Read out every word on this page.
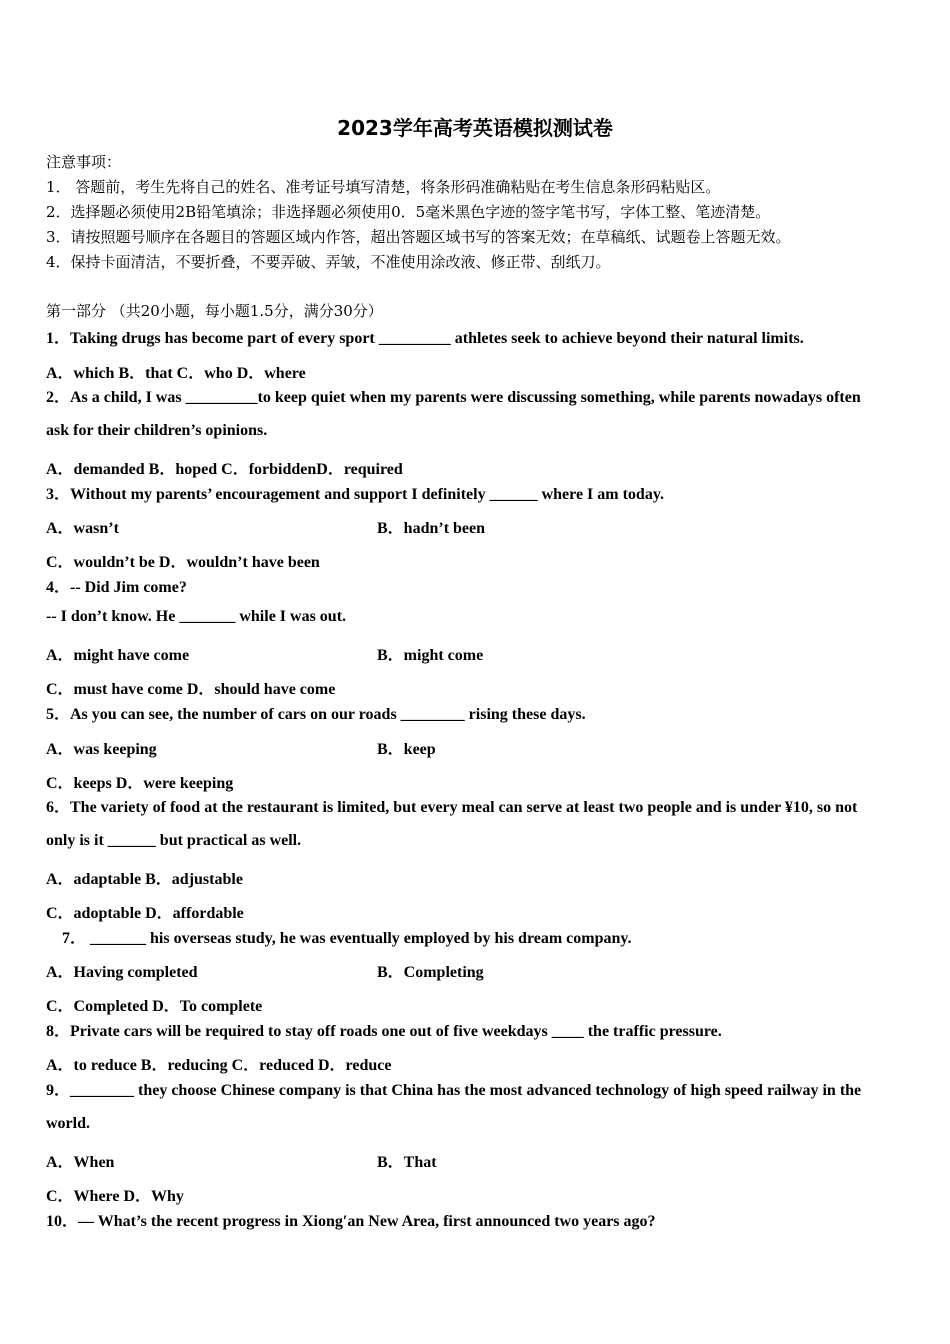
2023学年高考英语模拟测试卷
注意事项：
1． 答题前，考生先将自己的姓名、准考证号填写清楚，将条形码准确粘贴在考生信息条形码粘贴区。
2．选择题必须使用2B铅笔填涂；非选择题必须使用0．5毫米黑色字迹的签字笔书写，字体工整、笔迹清楚。
3．请按照题号顺序在各题目的答题区域内作答，超出答题区域书写的答案无效；在草稿纸、试题卷上答题无效。
4．保持卡面清洁，不要折叠，不要弄破、弄皱，不准使用涂改液、修正带、刮纸刀。
第一部分 （共20小题，每小题1.5分，满分30分）
1．Taking drugs has become part of every sport _________ athletes seek to achieve beyond their natural limits.
A．which B．that C．who D．where
2．As a child, I was _________to keep quiet when my parents were discussing something, while parents nowadays often
ask for their children’s opinions.
A．demanded B．hoped C．forbiddenD．required
3．Without my parents’ encouragement and support I definitely ______ where I am today.
A．wasn’t	B．hadn’t been
C．wouldn’t be D．wouldn’t have been
4．-- Did Jim come?
-- I don’t know. He _______ while I was out.
A．might have come	B．might come
C．must have come D．should have come
5．As you can see, the number of cars on our roads ________ rising these days.
A．was keeping	B．keep
C．keeps D．were keeping
6．The variety of food at the restaurant is limited, but every meal can serve at least two people and is under ¥10, so not
only is it ______ but practical as well.
A．adaptable B．adjustable
C．adoptable D．affordable
7． _______ his overseas study, he was eventually employed by his dream company.
A．Having completed	B．Completing
C．Completed D．To complete
8．Private cars will be required to stay off roads one out of five weekdays ____ the traffic pressure.
A．to reduce B．reducing C．reduced D．reduce
9．________ they choose Chinese company is that China has the most advanced technology of high speed railway in the
world.
A．When	B．That
C．Where D．Why
10．— What’s the recent progress in Xiong′an New Area, first announced two years ago?
